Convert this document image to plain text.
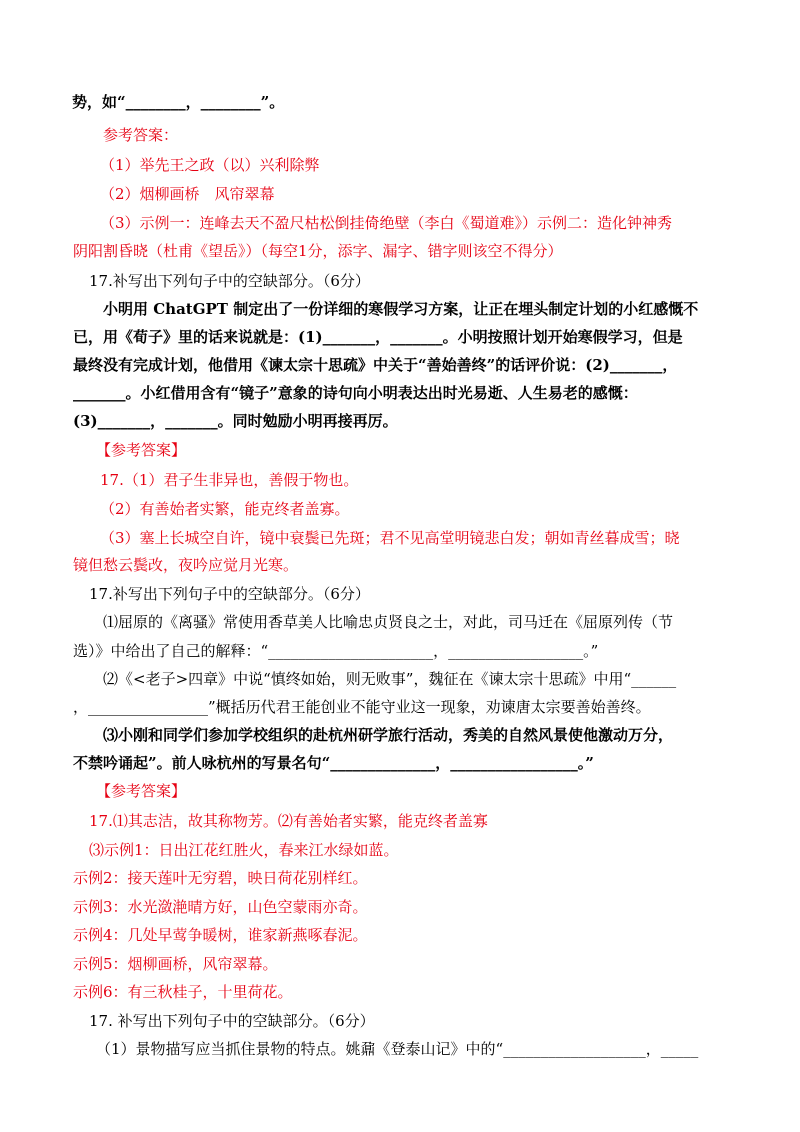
势，如“________，________”。
参考答案：
（1）举先王之政（以）兴利除弊
（2）烟柳画桥　风帘翠幕
（3）示例一：连峰去天不盈尺枯松倒挂倚绝壁（李白《蜀道难》）示例二：造化钟神秀
阴阳割昏晓（杜甫《望岳》）（每空1分，添字、漏字、错字则该空不得分）
17.补写出下列句子中的空缺部分。（6分）
小明用 ChatGPT 制定出了一份详细的寒假学习方案，让正在埋头制定计划的小红感慨不
已，用《荀子》里的话来说就是：(1)_______，_______。小明按照计划开始寒假学习，但是
最终没有完成计划，他借用《谏太宗十思疏》中关于“善始善终”的话评价说：(2)_______，
_______。小红借用含有“镜子”意象的诗句向小明表达出时光易逝、人生易老的感慨：
(3)_______，_______。同时勉励小明再接再厉。
【参考答案】
17.（1）君子生非异也，善假于物也。
（2）有善始者实繁，能克终者盖寡。
（3）塞上长城空自许，镜中衰鬓已先斑；君不见高堂明镜悲白发；朝如青丝暮成雪；晓
镜但愁云鬓改，夜吟应觉月光寒。
17.补写出下列句子中的空缺部分。（6分）
⑴屈原的《离骚》常使用香草美人比喻忠贞贤良之士，对此，司马迁在《屈原列传（节
选）》中给出了自己的解释：“______________________，__________________。”
⑵《<老子>四章》中说“慎终如始，则无败事”，魏征在《谏太宗十思疏》中用“______
，________________”概括历代君王能创业不能守业这一现象，劝谏唐太宗要善始善终。
⑶小刚和同学们参加学校组织的赴杭州研学旅行活动，秀美的自然风景使他激动万分，
不禁吟诵起”。前人咏杭州的写景名句“______________，_________________。”
【参考答案】
17.⑴其志洁，故其称物芳。⑵有善始者实繁，能克终者盖寡
⑶示例1：日出江花红胜火，春来江水绿如蓝。
示例2：接天莲叶无穷碧，映日荷花别样红。
示例3：水光潋滟晴方好，山色空蒙雨亦奇。
示例4：几处早莺争暖树，谁家新燕啄春泥。
示例5：烟柳画桥，风帘翠幕。
示例6：有三秋桂子，十里荷花。
17. 补写出下列句子中的空缺部分。（6分）
（1）景物描写应当抓住景物的特点。姚鼐《登泰山记》中的“___________________，_____
